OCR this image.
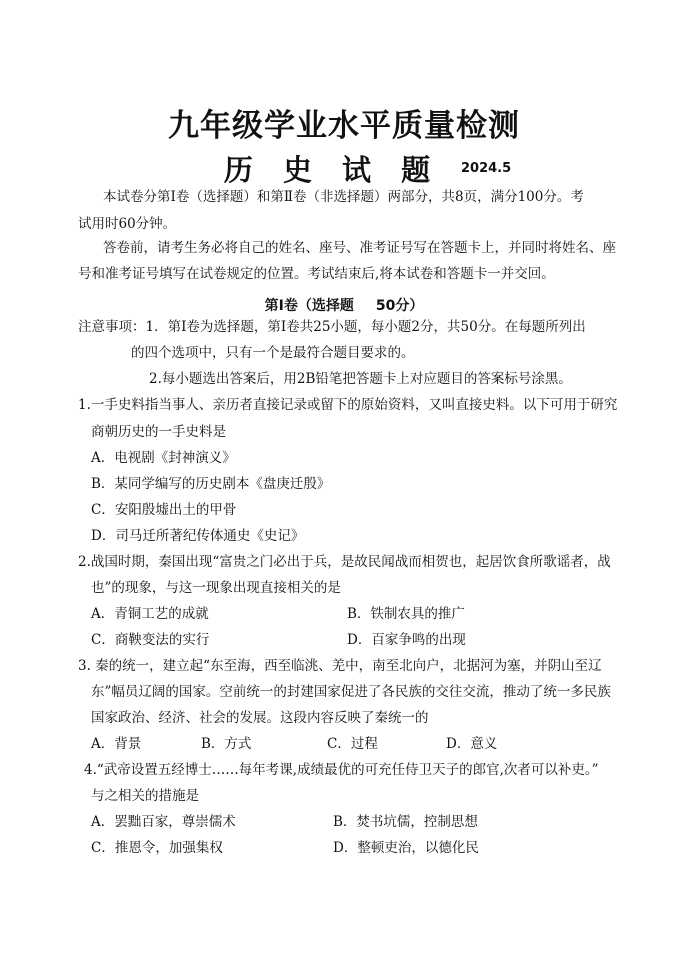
九年级学业水平质量检测
历 史 试 题	2024.5
本试卷分第Ⅰ卷（选择题）和第Ⅱ卷（非选择题）两部分，共8页，满分100分。考
试用时60分钟。
答卷前，请考生务必将自己的姓名、座号、准考证号写在答题卡上，并同时将姓名、座
号和准考证号填写在试卷规定的位置。考试结束后,将本试卷和答题卡一并交回。
第Ⅰ卷（选择题 50分）
注意事项：1．第Ⅰ卷为选择题，第Ⅰ卷共25小题，每小题2分，共50分。在每题所列出
的四个选项中，只有一个是最符合题目要求的。
2.每小题选出答案后，用2B铅笔把答题卡上对应题目的答案标号涂黑。
1.一手史料指当事人、亲历者直接记录或留下的原始资料，又叫直接史料。以下可用于研究
商朝历史的一手史料是
A．电视剧《封神演义》
B．某同学编写的历史剧本《盘庚迁殷》
C．安阳殷墟出土的甲骨
D．司马迁所著纪传体通史《史记》
2.战国时期，秦国出现“富贵之门必出于兵，是故民闻战而相贺也，起居饮食所歌谣者，战
也”的现象，与这一现象出现直接相关的是
A．青铜工艺的成就	B．铁制农具的推广
C．商鞅变法的实行	D．百家争鸣的出现
3. 秦的统一，建立起“东至海，西至临洮、羌中，南至北向户，北据河为塞，并阴山至辽
东”幅员辽阔的国家。空前统一的封建国家促进了各民族的交往交流，推动了统一多民族
国家政治、经济、社会的发展。这段内容反映了秦统一的
A．背景	B．方式	C．过程	D．意义
4.“武帝设置五经博士……每年考课,成绩最优的可充任侍卫天子的郎官,次者可以补吏。”
与之相关的措施是
A．罢黜百家，尊崇儒术	B．焚书坑儒，控制思想
C．推恩令，加强集权	D．整顿吏治，以德化民
